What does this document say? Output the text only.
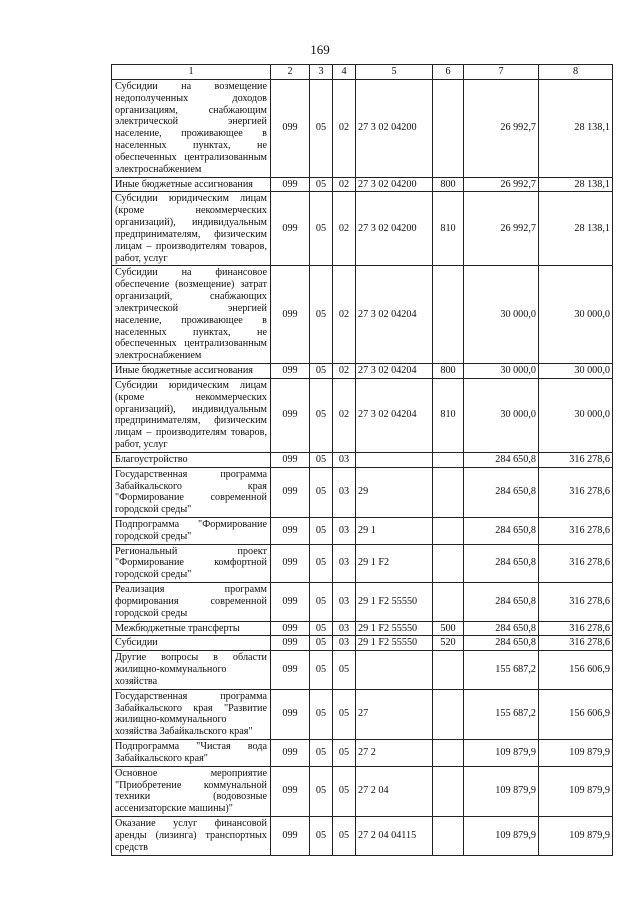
169
1	2	3	4	5	6	7	8
Субсидии на возмещение недополученных доходов организациям, снабжающим электрической энергией население, проживающее в населенных пунктах, не обеспеченных централизованным электроснабжением	099	05	02	27 3 02 04200		26 992,7	28 138,1
Иные бюджетные ассигнования	099	05	02	27 3 02 04200	800	26 992,7	28 138,1
Субсидии юридическим лицам (кроме некоммерческих организаций), индивидуальным предпринимателям, физическим лицам – производителям товаров, работ, услуг	099	05	02	27 3 02 04200	810	26 992,7	28 138,1
Субсидии на финансовое обеспечение (возмещение) затрат организаций, снабжающих электрической энергией население, проживающее в населенных пунктах, не обеспеченных централизованным электроснабжением	099	05	02	27 3 02 04204		30 000,0	30 000,0
Иные бюджетные ассигнования	099	05	02	27 3 02 04204	800	30 000,0	30 000,0
Субсидии юридическим лицам (кроме некоммерческих организаций), индивидуальным предпринимателям, физическим лицам – производителям товаров, работ, услуг	099	05	02	27 3 02 04204	810	30 000,0	30 000,0
Благоустройство	099	05	03			284 650,8	316 278,6
Государственная программа Забайкальского края "Формирование современной городской среды"	099	05	03	29		284 650,8	316 278,6
Подпрограмма "Формирование городской среды"	099	05	03	29 1		284 650,8	316 278,6
Региональный проект "Формирование комфортной городской среды"	099	05	03	29 1 F2		284 650,8	316 278,6
Реализация программ формирования современной городской среды	099	05	03	29 1 F2 55550		284 650,8	316 278,6
Межбюджетные трансферты	099	05	03	29 1 F2 55550	500	284 650,8	316 278,6
Субсидии	099	05	03	29 1 F2 55550	520	284 650,8	316 278,6
Другие вопросы в области жилищно-коммунального хозяйства	099	05	05			155 687,2	156 606,9
Государственная программа Забайкальского края "Развитие жилищно-коммунального хозяйства Забайкальского края"	099	05	05	27		155 687,2	156 606,9
Подпрограмма "Чистая вода Забайкальского края"	099	05	05	27 2		109 879,9	109 879,9
Основное мероприятие "Приобретение коммунальной техники (водовозные ассенизаторские машины)"	099	05	05	27 2 04		109 879,9	109 879,9
Оказание услуг финансовой аренды (лизинга) транспортных средств	099	05	05	27 2 04 04115		109 879,9	109 879,9
